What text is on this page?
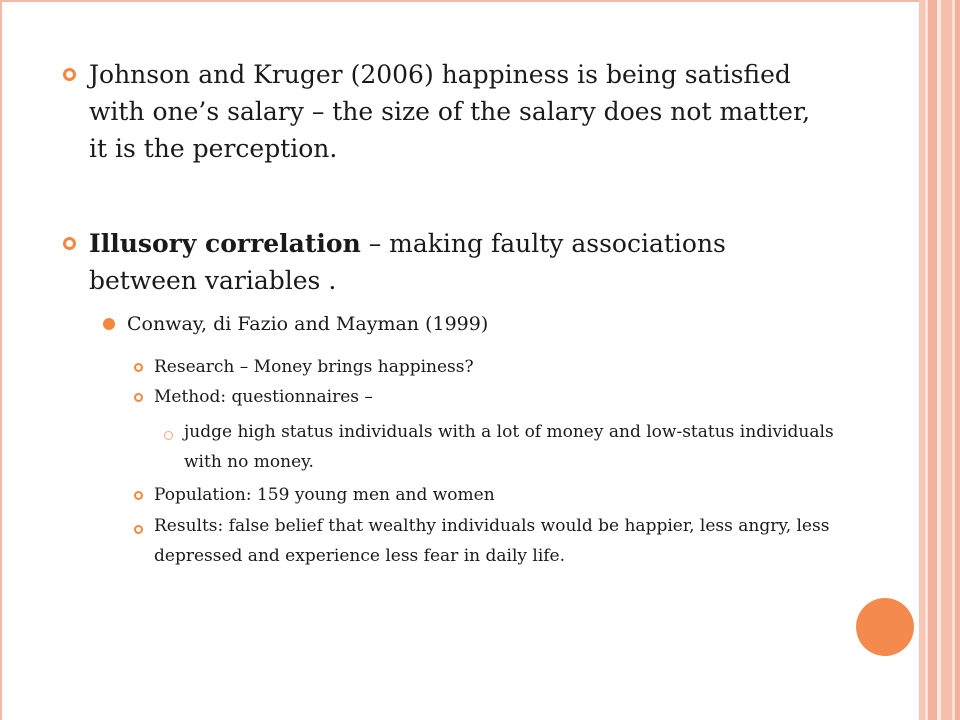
Johnson and Kruger (2006) happiness is being satisfied with one’s salary – the size of the salary does not matter, it is the perception.
Illusory correlation – making faulty associations between variables .
Conway, di Fazio and Mayman (1999)
Research – Money brings happiness?
Method: questionnaires –
judge high status individuals with a lot of money and low-status individuals with no money.
Population: 159 young men and women
Results: false belief that wealthy individuals would be happier, less angry, less depressed and experience less fear in daily life.
